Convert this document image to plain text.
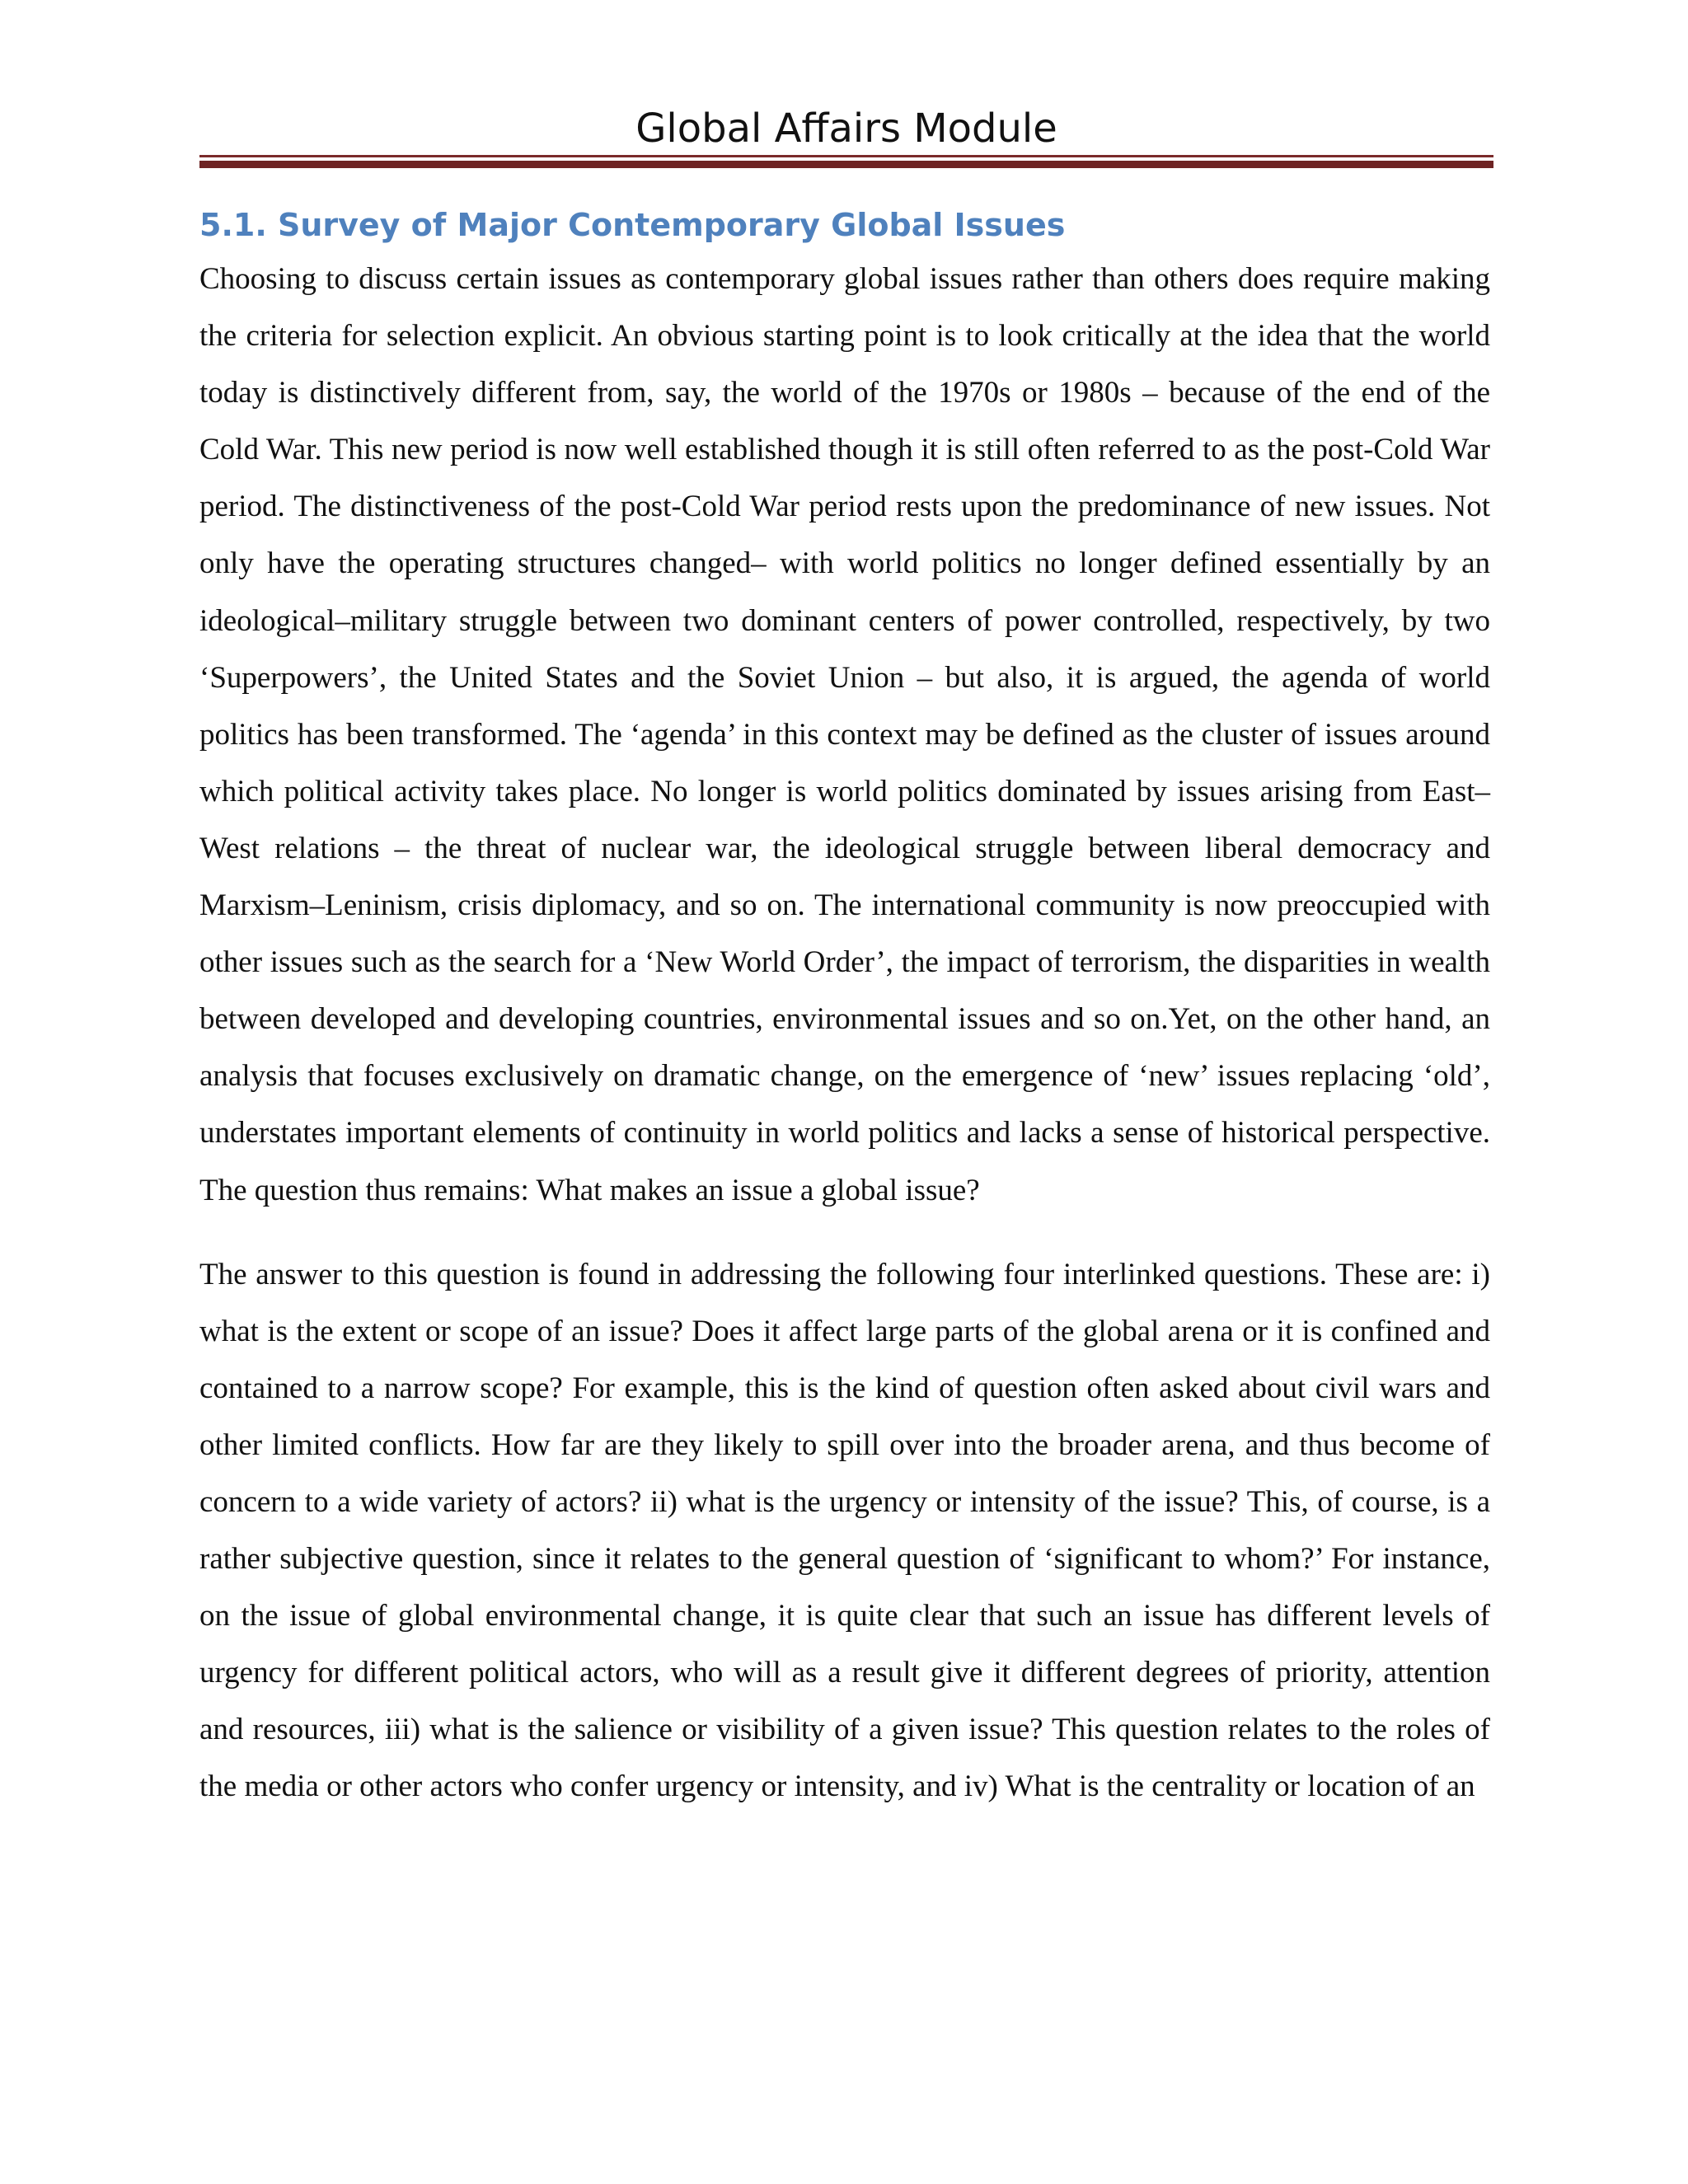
Global Affairs Module
5.1. Survey of Major Contemporary Global Issues

Choosing to discuss certain issues as contemporary global issues rather than others does require making the criteria for selection explicit. An obvious starting point is to look critically at the idea that the world today is distinctively different from, say, the world of the 1970s or 1980s – because of the end of the Cold War. This new period is now well established though it is still often referred to as the post-Cold War period. The distinctiveness of the post-Cold War period rests upon the predominance of new issues. Not only have the operating structures changed– with world politics no longer defined essentially by an ideological–military struggle between two dominant centers of power controlled, respectively, by two ‘Superpowers’, the United States and the Soviet Union – but also, it is argued, the agenda of world politics has been transformed. The ‘agenda’ in this context may be defined as the cluster of issues around which political activity takes place. No longer is world politics dominated by issues arising from East–West relations – the threat of nuclear war, the ideological struggle between liberal democracy and Marxism–Leninism, crisis diplomacy, and so on. The international community is now preoccupied with other issues such as the search for a ‘New World Order’, the impact of terrorism, the disparities in wealth between developed and developing countries, environmental issues and so on.Yet, on the other hand, an analysis that focuses exclusively on dramatic change, on the emergence of ‘new’ issues replacing ‘old’, understates important elements of continuity in world politics and lacks a sense of historical perspective. The question thus remains: What makes an issue a global issue?

The answer to this question is found in addressing the following four interlinked questions. These are: i) what is the extent or scope of an issue? Does it affect large parts of the global arena or it is confined and contained to a narrow scope? For example, this is the kind of question often asked about civil wars and other limited conflicts. How far are they likely to spill over into the broader arena, and thus become of concern to a wide variety of actors? ii) what is the urgency or intensity of the issue? This, of course, is a rather subjective question, since it relates to the general question of ‘significant to whom?’ For instance, on the issue of global environmental change, it is quite clear that such an issue has different levels of urgency for different political actors, who will as a result give it different degrees of priority, attention and resources, iii) what is the salience or visibility of a given issue? This question relates to the roles of the media or other actors who confer urgency or intensity, and iv) What is the centrality or location of an
